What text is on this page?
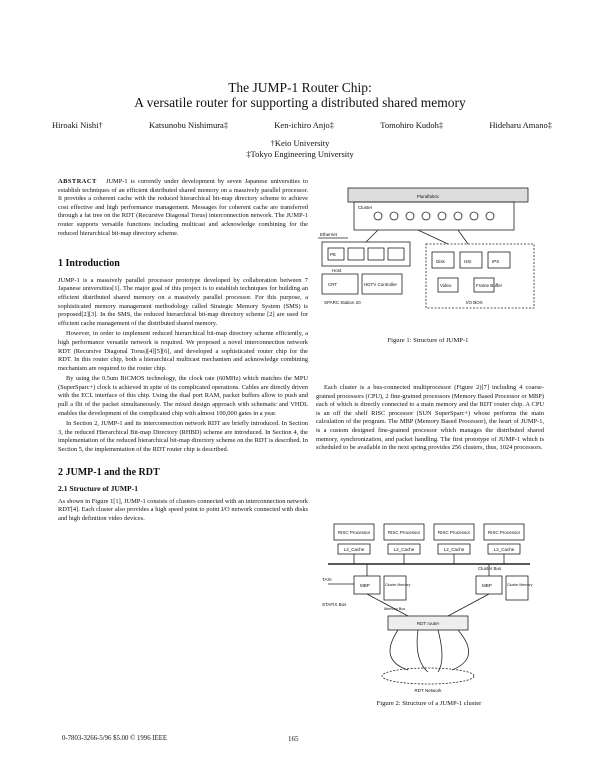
The JUMP-1 Router Chip:
A versatile router for supporting a distributed shared memory
Hiroaki Nishi†	Katsunobu Nishimura‡	Ken-ichiro Anjo‡	Tomohiro Kudoh‡	Hideharu Amano‡
†Keio University
‡Tokyo Engineering University

ABSTRACT JUMP-1 is currently under development by seven Japanese universities to establish techniques of an efficient distributed shared memory on a massively parallel processor. It provides a coherent cache with the reduced hierarchical bit-map directory scheme to achieve cost effective and high performance management. Messages for coherent cache are transferred through a fat tree on the RDT (Recursive Diagonal Torus) interconnection network. The JUMP-1 router supports versatile functions including multicast and acknowledge combining for the reduced hierarchical bit-map directory scheme.

1 Introduction

JUMP-1 is a massively parallel processor prototype developed by collaboration between 7 Japanese universities[1]. The major goal of this project is to establish techniques for building an efficient distributed shared memory on a massively parallel processor. For this purpose, a sophisticated memory management methodology called Strategic Memory System (SMS) is proposed[2][3]. In the SMS, the reduced hierarchical bit-map directory scheme [2] are used for efficient cache management of the distributed shared memory.

However, in order to implement reduced hierarchical bit-map directory scheme efficiently, a high performance versatile network is required. We proposed a novel interconnection network RDT (Recursive Diagonal Torus)[4][5][6], and developed a sophisticated router chip for the RDT. In this router chip, both a hierarchical multicast mechanism and acknowledge combining mechanism are required to the router chip.

By using the 0.5um BiCMOS technology, the clock rate (60MHz) which matches the MPU (SuperSparc+) clock is achieved in spite of its complicated operations. Cables are directly driven with the ECL interface of this chip. Using the dual port RAM, packet buffers allow to push and pull a flit of the packet simultaneously. The mixed design approach with schematic and VHDL enables the development of the complicated chip with almost 100,000 gates in a year.

In Section 2, JUMP-1 and its interconnection network RDT are briefly introduced. In Section 3, the reduced Hierarchical Bit-map Directory (RHBD) scheme are introduced. In Section 4, the implementation of the reduced hierarchical bit-map directory scheme on the RDT is described. In Section 5, the implementation of the RDT router chip is described.

2 JUMP-1 and the RDT
2.1 Structure of JUMP-1

As shown in Figure 1[1], JUMP-1 consists of clusters connected with an interconnection network RDT[4]. Each cluster also provides a high speed point to point I/O network connected with disks and high definition video devices.

Pluralfabric
Ethernet
Host
Cluster
PE
CRT	HDTV Controller
Disk
Video
I/O BOX
SPARC Station 20
HSI	IPS
Frame Buffer
Figure 1: Structure of JUMP-1

Each cluster is a bus-connected multiprocessor (Figure 2)[7] including 4 coarse-grained processors (CPU), 2 fine-grained processors (Memory Based Processor or MBP) each of which is directly connected to a main memory and the RDT router chip. A CPU is an off the shelf RISC processor (SUN SuperSparc+) whose performs the main calculation of the program. The MBP (Memory Based Processor), the heart of JUMP-1, is a custom designed fine-grained processor which manages the distributed shared memory, synchronization, and packet handling. The first prototype of JUMP-1 which is scheduled to be available in the next spring provides 256 clusters, thus, 1024 processors.

RISC Processor	RISC Processor	RISC Processor	RISC Processor
L2_Cache	L2_Cache	L2_Cache	L2_Cache
Cluster Bus
TAXI
MBP	MBP
Cluster Memory	Cluster Memory
STAFIX Bus
Memory Bus
RDT router
RDT Network
Figure 2: Structure of a JUMP-1 cluster
0-7803-3266-5/96 $5.00 © 1996 IEEE	165
